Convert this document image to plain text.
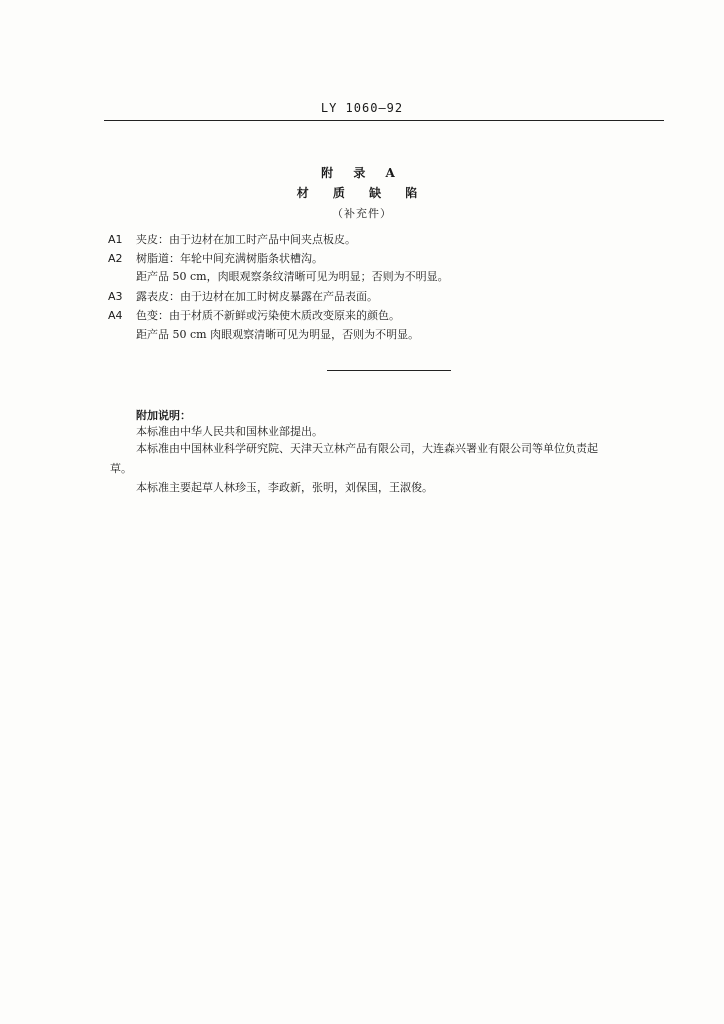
LY 1060—92
附 录 A
材 质 缺 陷
（补充件）
A1 夹皮：由于边材在加工时产品中间夹点板皮。
A2 树脂道：年轮中间充满树脂条状槽沟。
距产品 50 cm，肉眼观察条纹清晰可见为明显；否则为不明显。
A3 露表皮：由于边材在加工时树皮暴露在产品表面。
A4 色变：由于材质不新鲜或污染使木质改变原来的颜色。
距产品 50 cm 肉眼观察清晰可见为明显，否则为不明显。
附加说明：
本标准由中华人民共和国林业部提出。
本标准由中国林业科学研究院、天津天立林产品有限公司，大连森兴署业有限公司等单位负责起
草。
本标准主要起草人林珍玉，李政新，张明，刘保国，王淑俊。
